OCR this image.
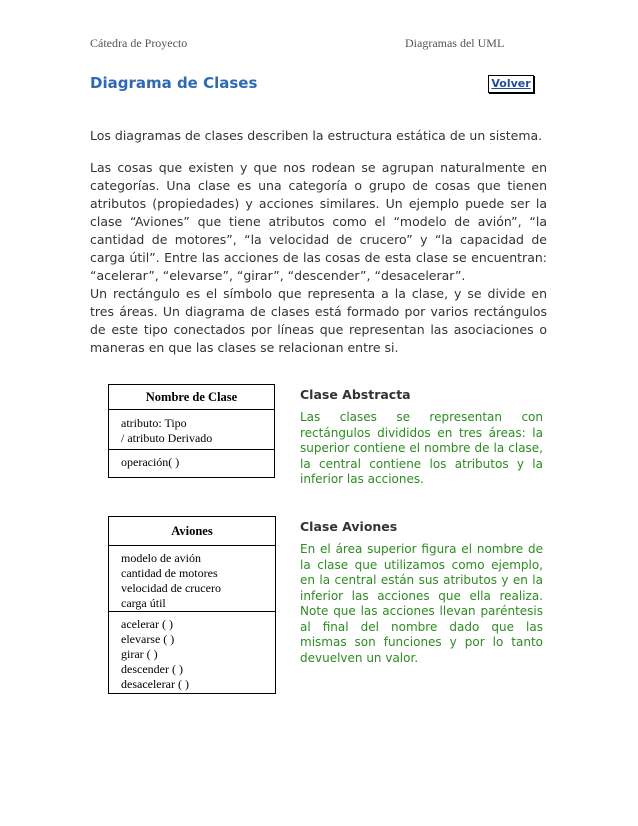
Cátedra de Proyecto	Diagramas del UML
Diagrama de Clases	Volver
Los diagramas de clases describen la estructura estática de un sistema.
Las cosas que existen y que nos rodean se agrupan naturalmente en categorías. Una clase es una categoría o grupo de cosas que tienen atributos (propiedades) y acciones similares. Un ejemplo puede ser la clase “Aviones” que tiene atributos como el “modelo de avión”, “la cantidad de motores”, “la velocidad de crucero” y “la capacidad de carga útil”. Entre las acciones de las cosas de esta clase se encuentran: “acelerar”, “elevarse”, “girar”, “descender”, “desacelerar”.
Un rectángulo es el símbolo que representa a la clase, y se divide en tres áreas. Un diagrama de clases está formado por varios rectángulos de este tipo conectados por líneas que representan las asociaciones o maneras en que las clases se relacionan entre si.
Nombre de Clase
atributo: Tipo
/ atributo Derivado
operación( )
Clase Abstracta

Las clases se representan con rectángulos divididos en tres áreas: la superior contiene el nombre de la clase, la central contiene los atributos y la inferior las acciones.

Aviones
modelo de avión
cantidad de motores
velocidad de crucero
carga útil
acelerar ( )
elevarse ( )
girar ( )
descender ( )
desacelerar ( )
Clase Aviones

En el área superior figura el nombre de la clase que utilizamos como ejemplo, en la central están sus atributos y en la inferior las acciones que ella realiza. Note que las acciones llevan paréntesis al final del nombre dado que las mismas son funciones y por lo tanto devuelven un valor.
